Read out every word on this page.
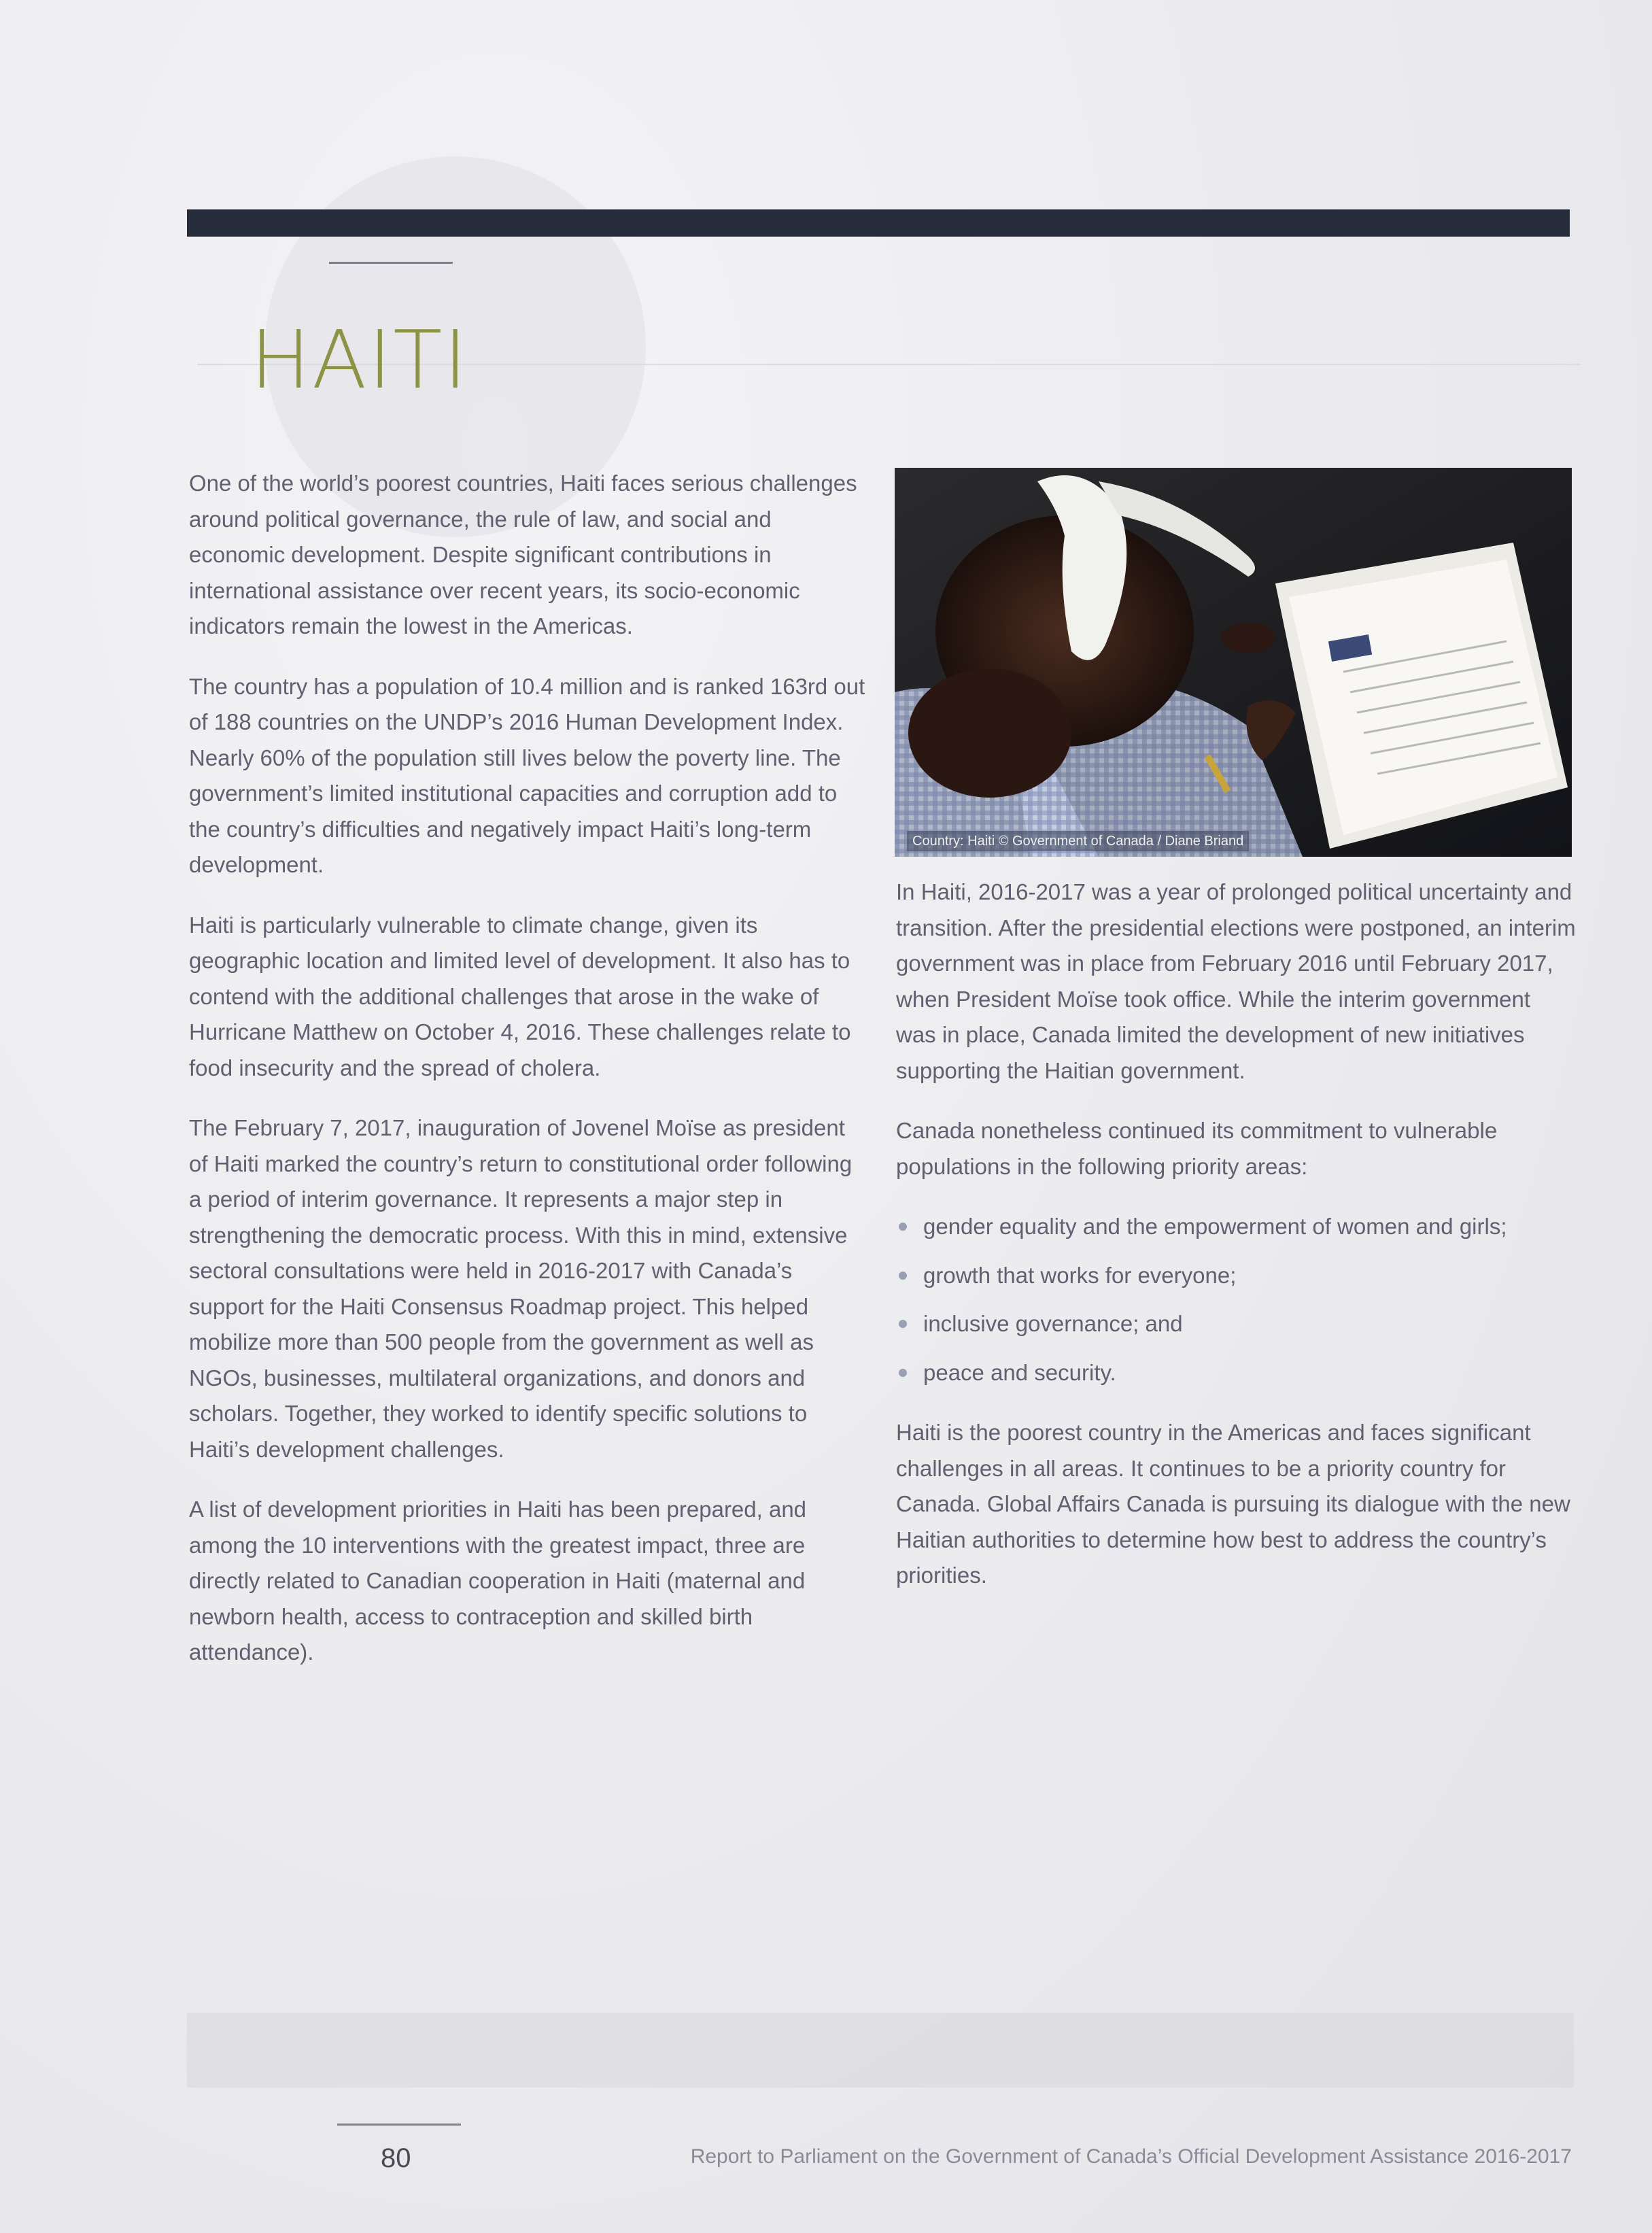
HAITI

One of the world’s poorest countries, Haiti faces serious challenges around political governance, the rule of law, and social and economic development. Despite significant contributions in international assistance over recent years, its socio-economic indicators remain the lowest in the Americas.

The country has a population of 10.4 million and is ranked 163rd out of 188 countries on the UNDP’s 2016 Human Development Index. Nearly 60% of the population still lives below the poverty line. The government’s limited institutional capacities and corruption add to the country’s difficulties and negatively impact Haiti’s long-term development.

Haiti is particularly vulnerable to climate change, given its geographic location and limited level of development. It also has to contend with the additional challenges that arose in the wake of Hurricane Matthew on October 4, 2016. These challenges relate to food insecurity and the spread of cholera.

The February 7, 2017, inauguration of Jovenel Moïse as president of Haiti marked the country’s return to constitutional order following a period of interim governance. It represents a major step in strengthening the democratic process. With this in mind, extensive sectoral consultations were held in 2016-2017 with Canada’s support for the Haiti Consensus Roadmap project. This helped mobilize more than 500 people from the government as well as NGOs, businesses, multilateral organizations, and donors and scholars. Together, they worked to identify specific solutions to Haiti’s development challenges.

A list of development priorities in Haiti has been prepared, and among the 10 interventions with the greatest impact, three are directly related to Canadian cooperation in Haiti (maternal and newborn health, access to contraception and skilled birth attendance).

Country: Haiti © Government of Canada / Diane Briand

In Haiti, 2016-2017 was a year of prolonged political uncertainty and transition. After the presidential elections were postponed, an interim government was in place from February 2016 until February 2017, when President Moïse took office. While the interim government was in place, Canada limited the development of new initiatives supporting the Haitian government.

Canada nonetheless continued its commitment to vulnerable populations in the following priority areas:

gender equality and the empowerment of women and girls;
growth that works for everyone;
inclusive governance; and
peace and security.

Haiti is the poorest country in the Americas and faces significant challenges in all areas. It continues to be a priority country for Canada. Global Affairs Canada is pursuing its dialogue with the new Haitian authorities to determine how best to address the country’s priorities.

80	Report to Parliament on the Government of Canada’s Official Development Assistance 2016-2017
